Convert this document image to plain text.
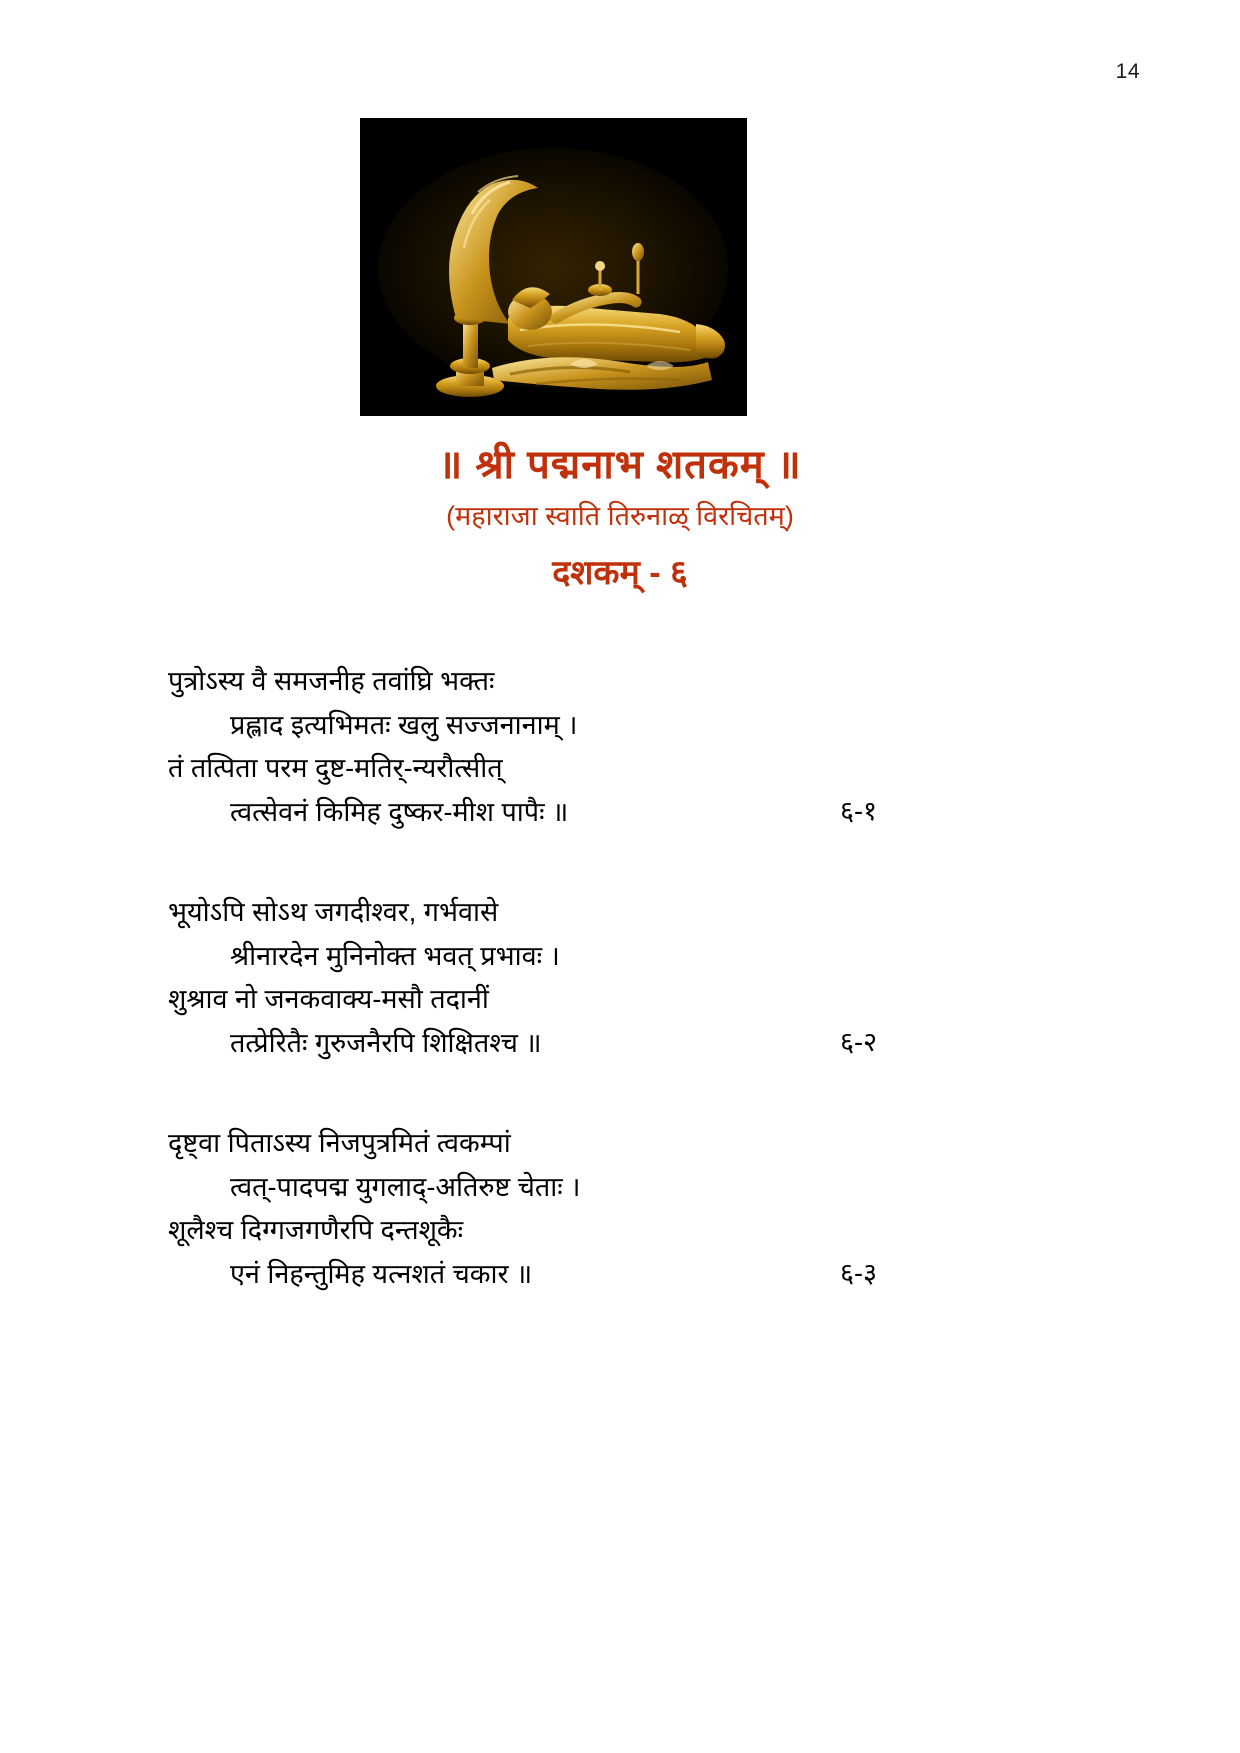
14
॥ श्री पद्मनाभ शतकम् ॥
(महाराजा स्वाति तिरुनाळ् विरचितम्)
दशकम् - ६
पुत्रोऽस्य वै समजनीह तवांघ्रि भक्तः
प्रह्लाद इत्यभिमतः खलु सज्जनानाम् ।
तं तत्पिता परम दुष्ट-मतिर्-न्यरौत्सीत्
त्वत्सेवनं किमिह दुष्कर-मीश पापैः ॥	६-१
भूयोऽपि सोऽथ जगदीश्वर, गर्भवासे
श्रीनारदेन मुनिनोक्त भवत् प्रभावः ।
शुश्राव नो जनकवाक्य-मसौ तदानीं
तत्प्रेरितैः गुरुजनैरपि शिक्षितश्च ॥	६-२
दृष्ट्वा पिताऽस्य निजपुत्रमितं त्वकम्पां
त्वत्-पादपद्म युगलाद्-अतिरुष्ट चेताः ।
शूलैश्च दिग्गजगणैरपि दन्तशूकैः
एनं निहन्तुमिह यत्नशतं चकार ॥	६-३
